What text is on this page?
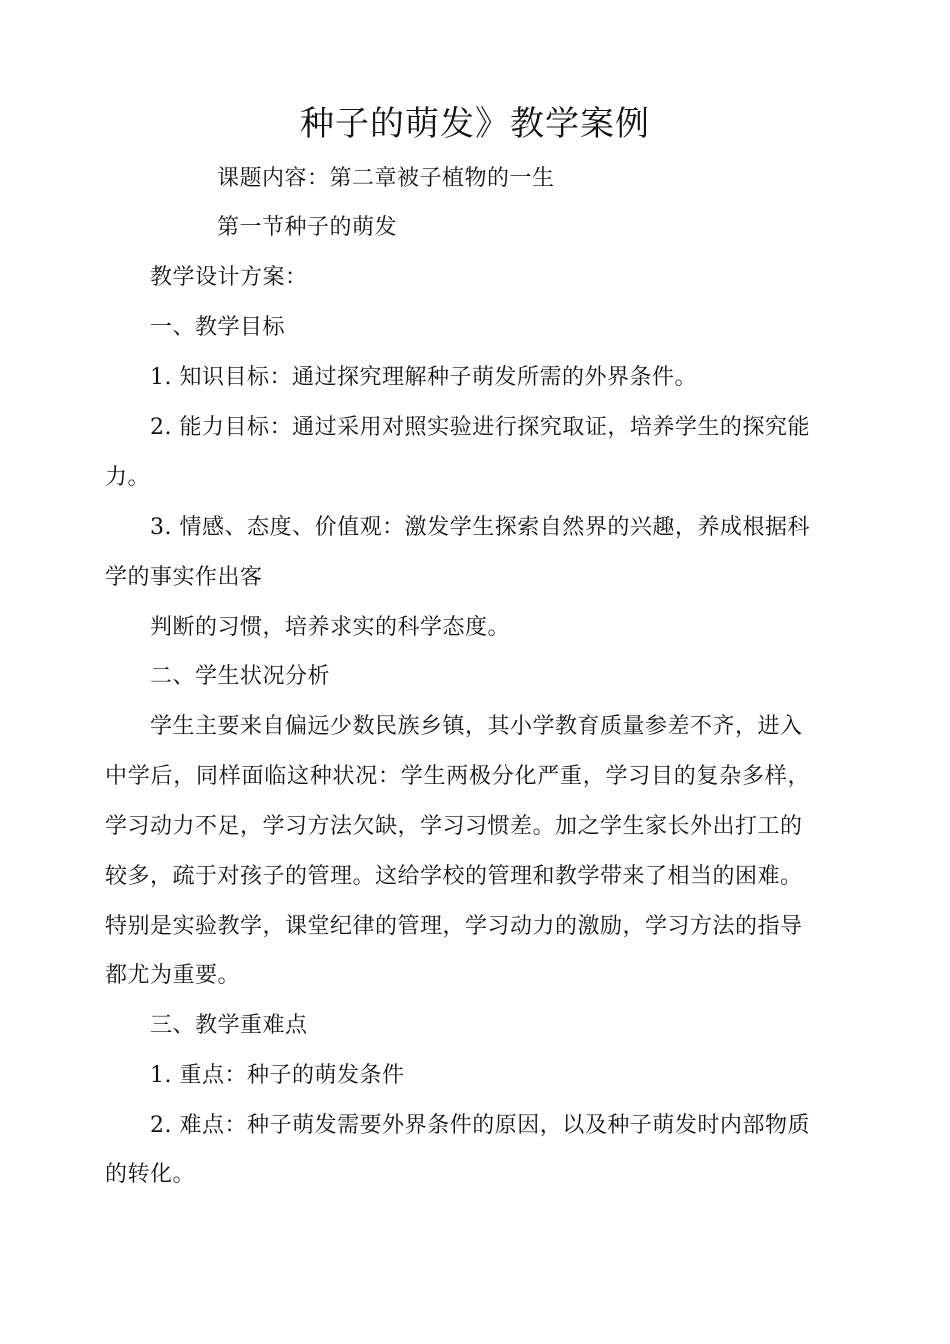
种子的萌发》教学案例
课题内容：第二章被子植物的一生
第一节种子的萌发
教学设计方案：
一、教学目标
1. 知识目标：通过探究理解种子萌发所需的外界条件。
2. 能力目标：通过采用对照实验进行探究取证，培养学生的探究能
力。
3. 情感、态度、价值观：激发学生探索自然界的兴趣，养成根据科
学的事实作出客
判断的习惯，培养求实的科学态度。
二、学生状况分析
学生主要来自偏远少数民族乡镇，其小学教育质量参差不齐，进入
中学后，同样面临这种状况：学生两极分化严重，学习目的复杂多样，
学习动力不足，学习方法欠缺，学习习惯差。加之学生家长外出打工的
较多，疏于对孩子的管理。这给学校的管理和教学带来了相当的困难。
特别是实验教学，课堂纪律的管理，学习动力的激励，学习方法的指导
都尤为重要。
三、教学重难点
1. 重点：种子的萌发条件
2. 难点：种子萌发需要外界条件的原因，以及种子萌发时内部物质
的转化。
